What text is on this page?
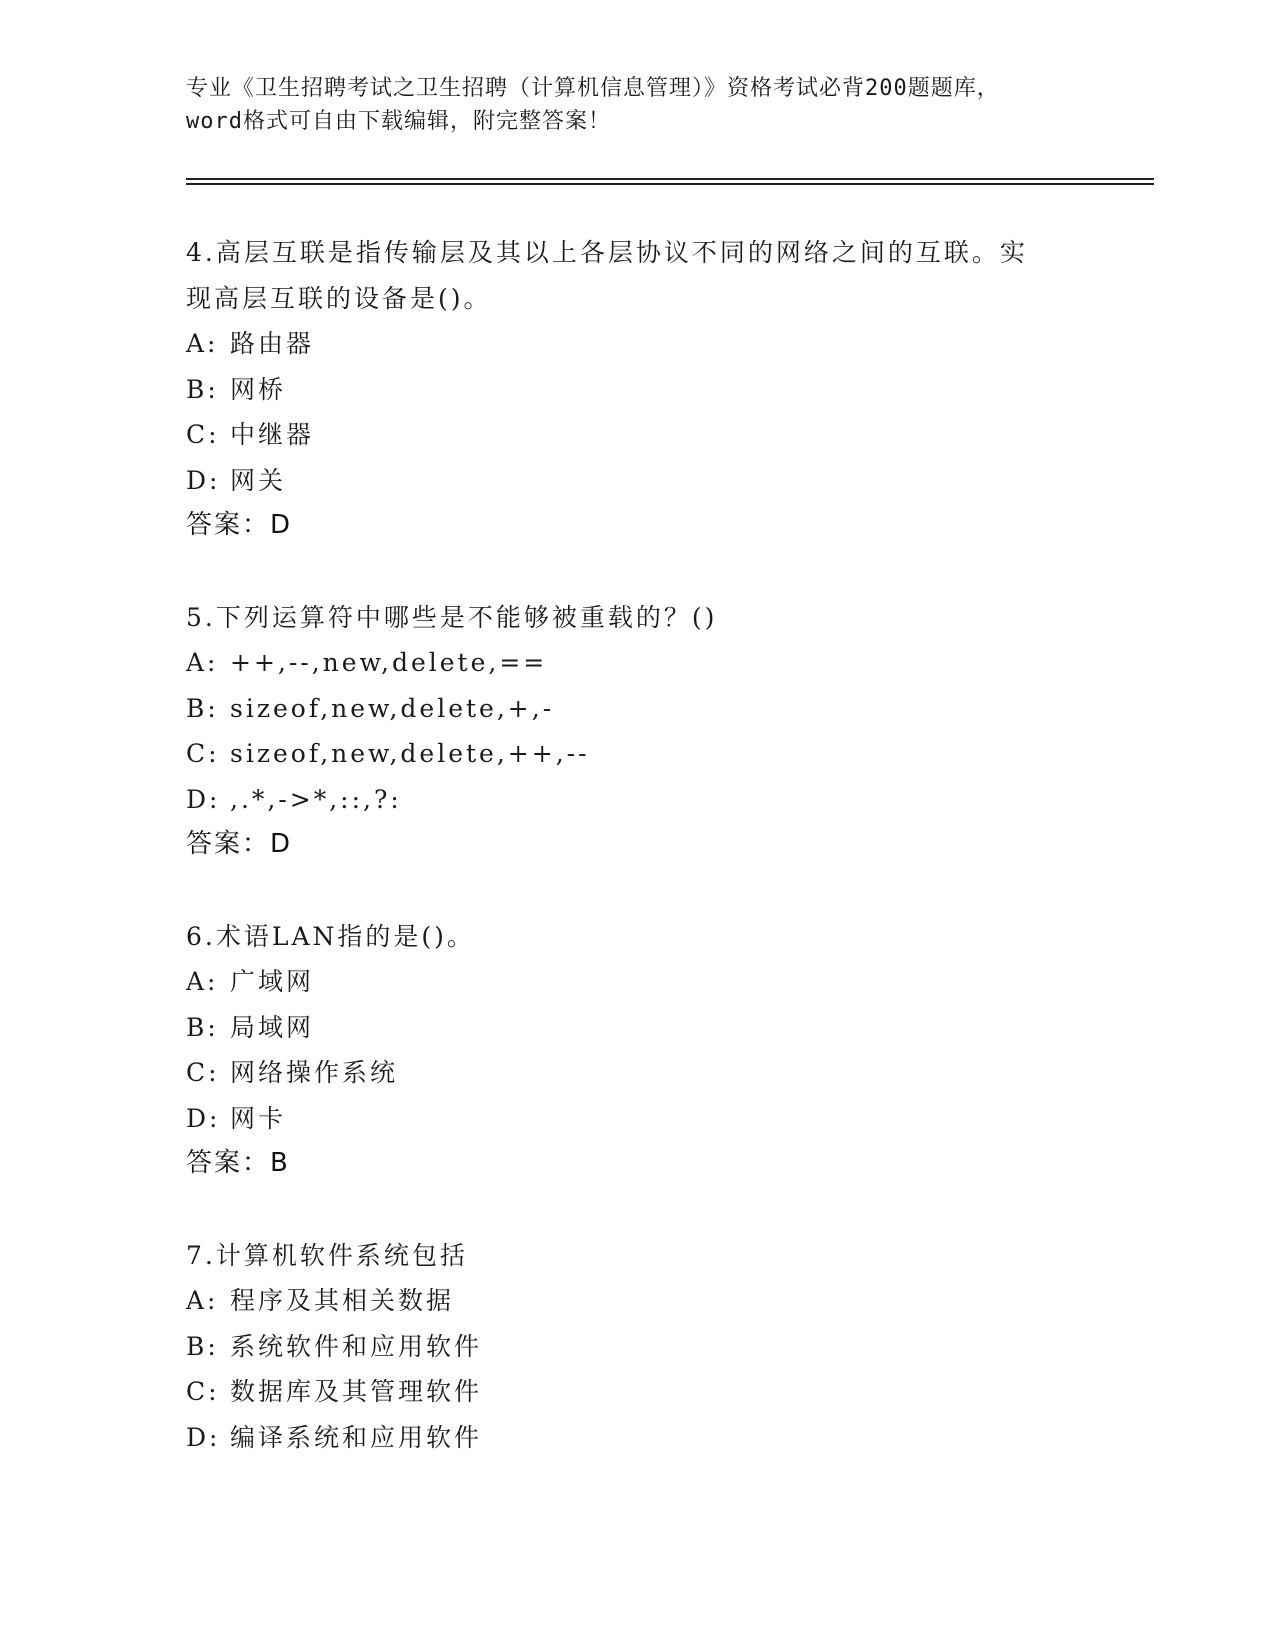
专业《卫生招聘考试之卫生招聘（计算机信息管理）》资格考试必背200题题库，
word格式可自由下载编辑，附完整答案！
4.高层互联是指传输层及其以上各层协议不同的网络之间的互联。实
现高层互联的设备是()。
A: 路由器
B: 网桥
C: 中继器
D: 网关
答案：D
5.下列运算符中哪些是不能够被重载的？()
A: ++,--,new,delete,==
B: sizeof,new,delete,+,-
C: sizeof,new,delete,++,--
D: ,.*,->*,::,?:
答案：D
6.术语LAN指的是()。
A: 广域网
B: 局域网
C: 网络操作系统
D: 网卡
答案：B
7.计算机软件系统包括
A: 程序及其相关数据
B: 系统软件和应用软件
C: 数据库及其管理软件
D: 编译系统和应用软件
